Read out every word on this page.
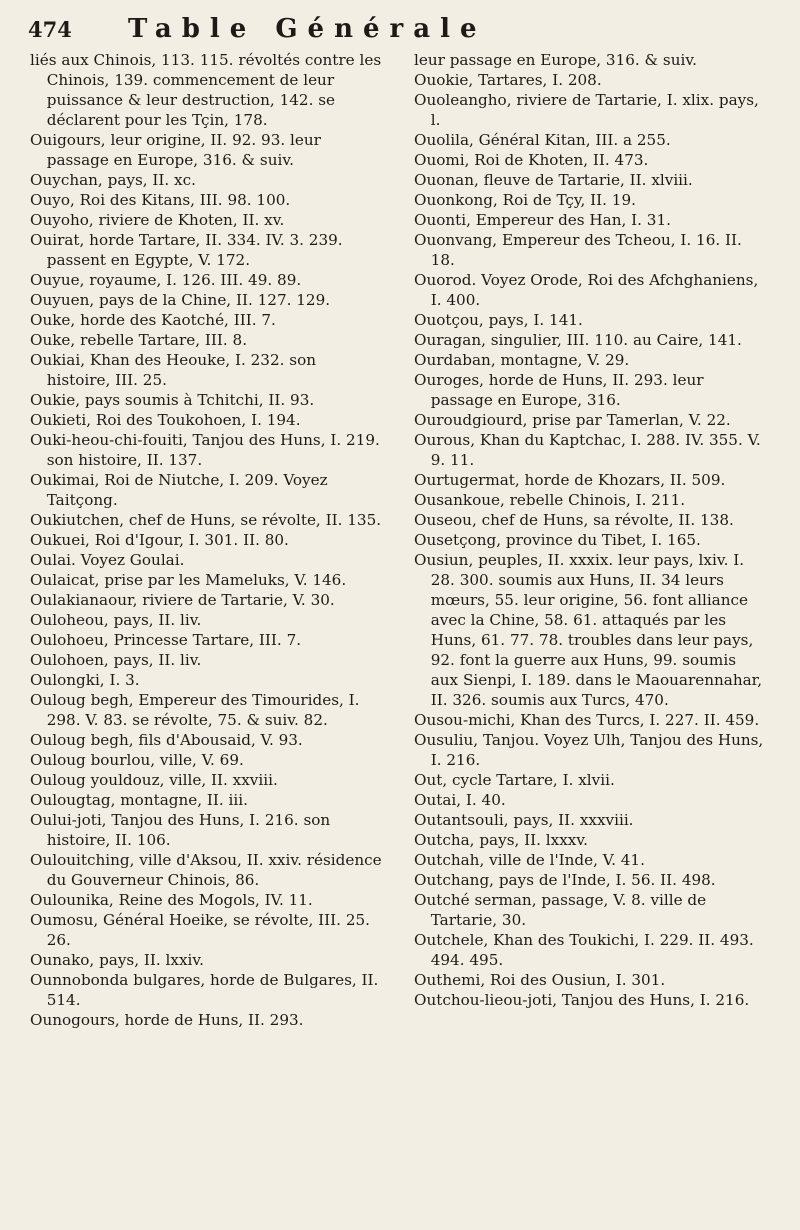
474	Table Générale

liés aux Chinois, 113. 115. révoltés contre les Chinois, 139. commencement de leur puissance & leur destruction, 142. se déclarent pour les Tçin, 178.

Ouigours, leur origine, II. 92. 93. leur passage en Europe, 316. & suiv.

Ouychan, pays, II. xc.

Ouyo, Roi des Kitans, III. 98. 100.

Ouyoho, riviere de Khoten, II. xv.

Ouirat, horde Tartare, II. 334. IV. 3. 239. passent en Egypte, V. 172.

Ouyue, royaume, I. 126. III. 49. 89.

Ouyuen, pays de la Chine, II. 127. 129.

Ouke, horde des Kaotché, III. 7.

Ouke, rebelle Tartare, III. 8.

Oukiai, Khan des Heouke, I. 232. son histoire, III. 25.

Oukie, pays soumis à Tchitchi, II. 93.

Oukieti, Roi des Toukohoen, I. 194.

Ouki-heou-chi-fouiti, Tanjou des Huns, I. 219. son histoire, II. 137.

Oukimai, Roi de Niutche, I. 209. Voyez Taitçong.

Oukiutchen, chef de Huns, se révolte, II. 135.

Oukuei, Roi d'Igour, I. 301. II. 80.

Oulai. Voyez Goulai.

Oulaicat, prise par les Mameluks, V. 146.

Oulakianaour, riviere de Tartarie, V. 30.

Ouloheou, pays, II. liv.

Oulohoeu, Princesse Tartare, III. 7.

Oulohoen, pays, II. liv.

Oulongki, I. 3.

Ouloug begh, Empereur des Timourides, I. 298. V. 83. se révolte, 75. & suiv. 82.

Ouloug begh, fils d'Abousaid, V. 93.

Ouloug bourlou, ville, V. 69.

Ouloug youldouz, ville, II. xxviii.

Oulougtag, montagne, II. iii.

Oului-joti, Tanjou des Huns, I. 216. son histoire, II. 106.

Oulouitching, ville d'Aksou, II. xxiv. résidence du Gouverneur Chinois, 86.

Oulounika, Reine des Mogols, IV. 11.

Oumosu, Général Hoeike, se révolte, III. 25. 26.

Ounako, pays, II. lxxiv.

Ounnobonda bulgares, horde de Bulgares, II. 514.

Ounogours, horde de Huns, II. 293.

leur passage en Europe, 316. & suiv.

Ouokie, Tartares, I. 208.

Ouoleangho, riviere de Tartarie, I. xlix. pays, l.

Ouolila, Général Kitan, III. a 255.

Ouomi, Roi de Khoten, II. 473.

Ouonan, fleuve de Tartarie, II. xlviii.

Ouonkong, Roi de Tçy, II. 19.

Ouonti, Empereur des Han, I. 31.

Ouonvang, Empereur des Tcheou, I. 16. II. 18.

Ouorod. Voyez Orode, Roi des Afchghaniens, I. 400.

Ouotçou, pays, I. 141.

Ouragan, singulier, III. 110. au Caire, 141.

Ourdaban, montagne, V. 29.

Ouroges, horde de Huns, II. 293. leur passage en Europe, 316.

Ouroudgiourd, prise par Tamerlan, V. 22.

Ourous, Khan du Kaptchac, I. 288. IV. 355. V. 9. 11.

Ourtugermat, horde de Khozars, II. 509.

Ousankoue, rebelle Chinois, I. 211.

Ouseou, chef de Huns, sa révolte, II. 138.

Ousetçong, province du Tibet, I. 165.

Ousiun, peuples, II. xxxix. leur pays, lxiv. I. 28. 300. soumis aux Huns, II. 34 leurs mœurs, 55. leur origine, 56. font alliance avec la Chine, 58. 61. attaqués par les Huns, 61. 77. 78. troubles dans leur pays, 92. font la guerre aux Huns, 99. soumis aux Sienpi, I. 189. dans le Maouarennahar, II. 326. soumis aux Turcs, 470.

Ousou-michi, Khan des Turcs, I. 227. II. 459.

Ousuliu, Tanjou. Voyez Ulh, Tanjou des Huns, I. 216.

Out, cycle Tartare, I. xlvii.

Outai, I. 40.

Outantsouli, pays, II. xxxviii.

Outcha, pays, II. lxxxv.

Outchah, ville de l'Inde, V. 41.

Outchang, pays de l'Inde, I. 56. II. 498.

Outché serman, passage, V. 8. ville de Tartarie, 30.

Outchele, Khan des Toukichi, I. 229. II. 493. 494. 495.

Outhemi, Roi des Ousiun, I. 301.

Outchou-lieou-joti, Tanjou des Huns, I. 216.
